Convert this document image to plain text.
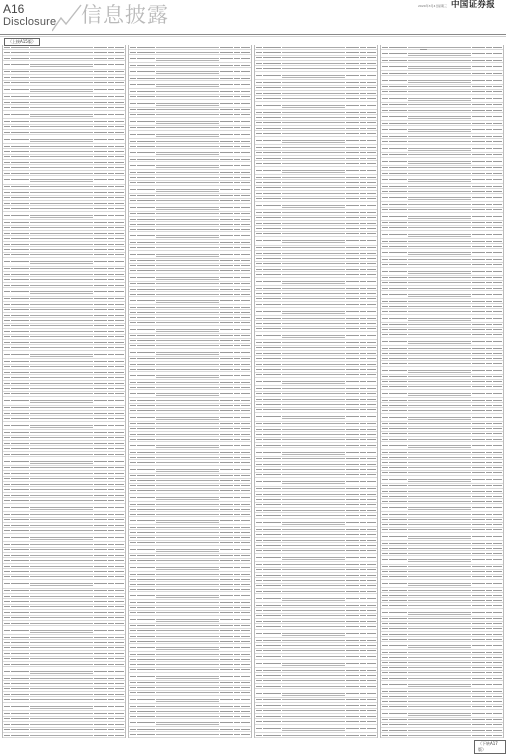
A16
Disclosure 信息披露	2020年3月4日 星期三 中国证券报
（上接A15版）
（下转A17版）
